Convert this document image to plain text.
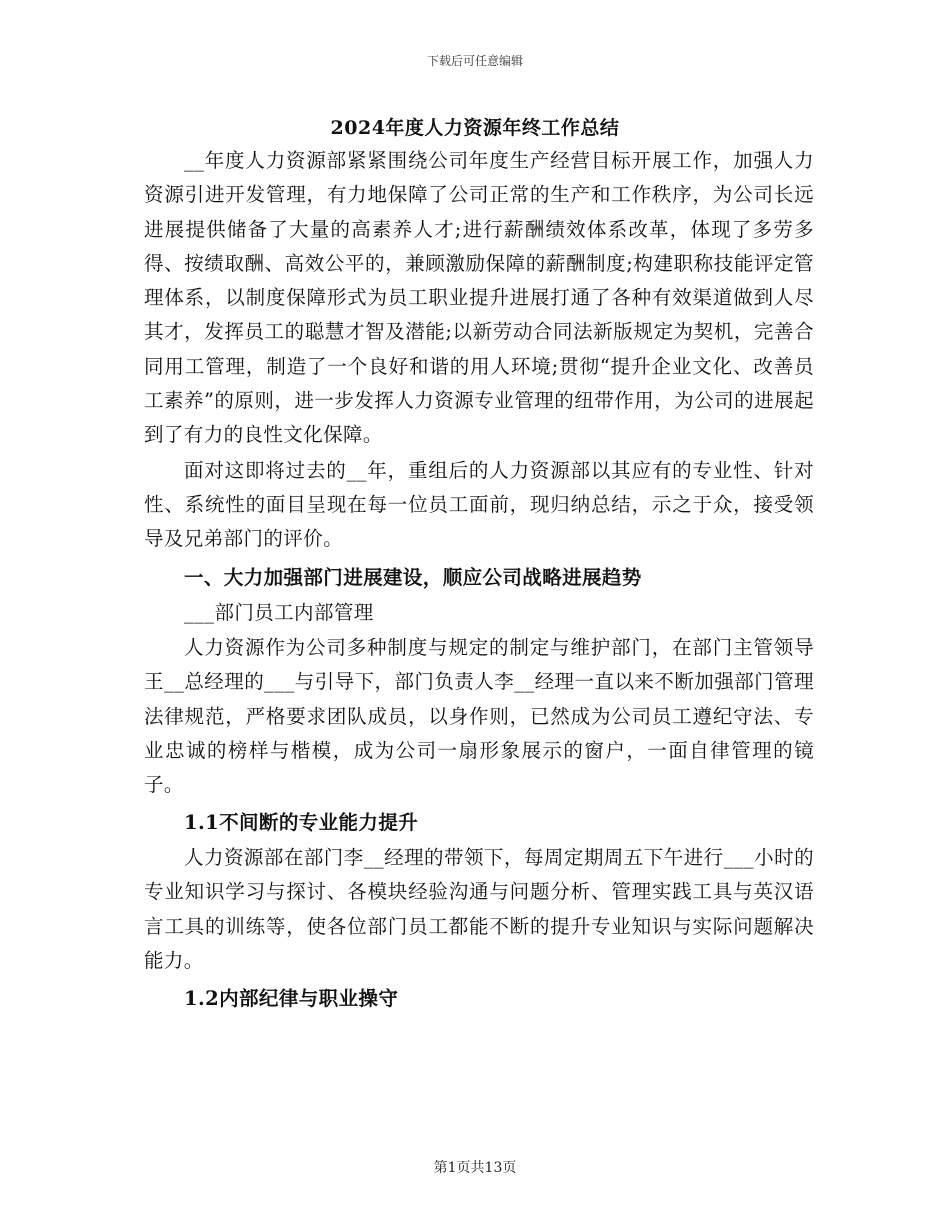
下载后可任意编辑
2024年度人力资源年终工作总结

__年度人力资源部紧紧围绕公司年度生产经营目标开展工作，加强人力资源引进开发管理，有力地保障了公司正常的生产和工作秩序，为公司长远进展提供储备了大量的高素养人才;进行薪酬绩效体系改革，体现了多劳多得、按绩取酬、高效公平的，兼顾激励保障的薪酬制度;构建职称技能评定管理体系，以制度保障形式为员工职业提升进展打通了各种有效渠道做到人尽其才，发挥员工的聪慧才智及潜能;以新劳动合同法新版规定为契机，完善合同用工管理，制造了一个良好和谐的用人环境;贯彻“提升企业文化、改善员工素养”的原则，进一步发挥人力资源专业管理的纽带作用，为公司的进展起到了有力的良性文化保障。

面对这即将过去的__年，重组后的人力资源部以其应有的专业性、针对性、系统性的面目呈现在每一位员工面前，现归纳总结，示之于众，接受领导及兄弟部门的评价。

一、大力加强部门进展建设，顺应公司战略进展趋势

___部门员工内部管理

人力资源作为公司多种制度与规定的制定与维护部门，在部门主管领导王__总经理的___与引导下，部门负责人李__经理一直以来不断加强部门管理法律规范，严格要求团队成员，以身作则，已然成为公司员工遵纪守法、专业忠诚的榜样与楷模，成为公司一扇形象展示的窗户，一面自律管理的镜子。

1.1不间断的专业能力提升

人力资源部在部门李__经理的带领下，每周定期周五下午进行___小时的专业知识学习与探讨、各模块经验沟通与问题分析、管理实践工具与英汉语言工具的训练等，使各位部门员工都能不断的提升专业知识与实际问题解决能力。

1.2内部纪律与职业操守

第1页共13页
